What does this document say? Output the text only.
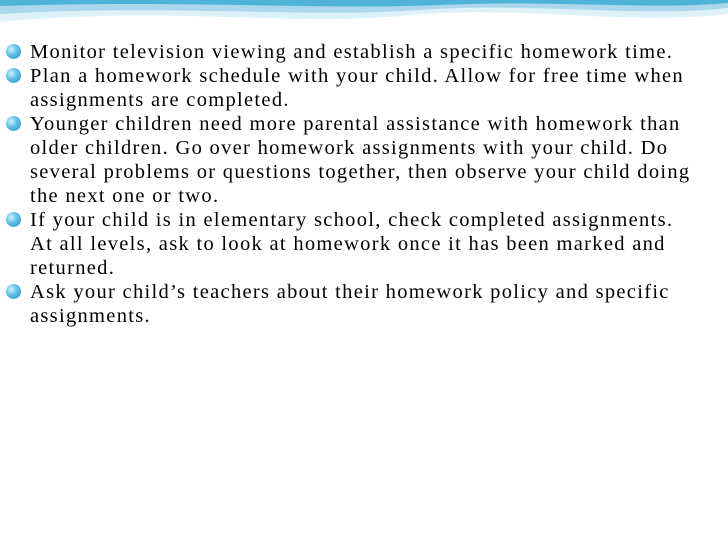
Monitor television viewing and establish a specific homework time.
Plan a homework schedule with your child. Allow for free time when assignments are completed.
Younger children need more parental assistance with homework than older children. Go over homework assignments with your child. Do several problems or questions together, then observe your child doing the next one or two.
If your child is in elementary school, check completed assignments. At all levels, ask to look at homework once it has been marked and returned.
Ask your child’s teachers about their homework policy and specific assignments.
